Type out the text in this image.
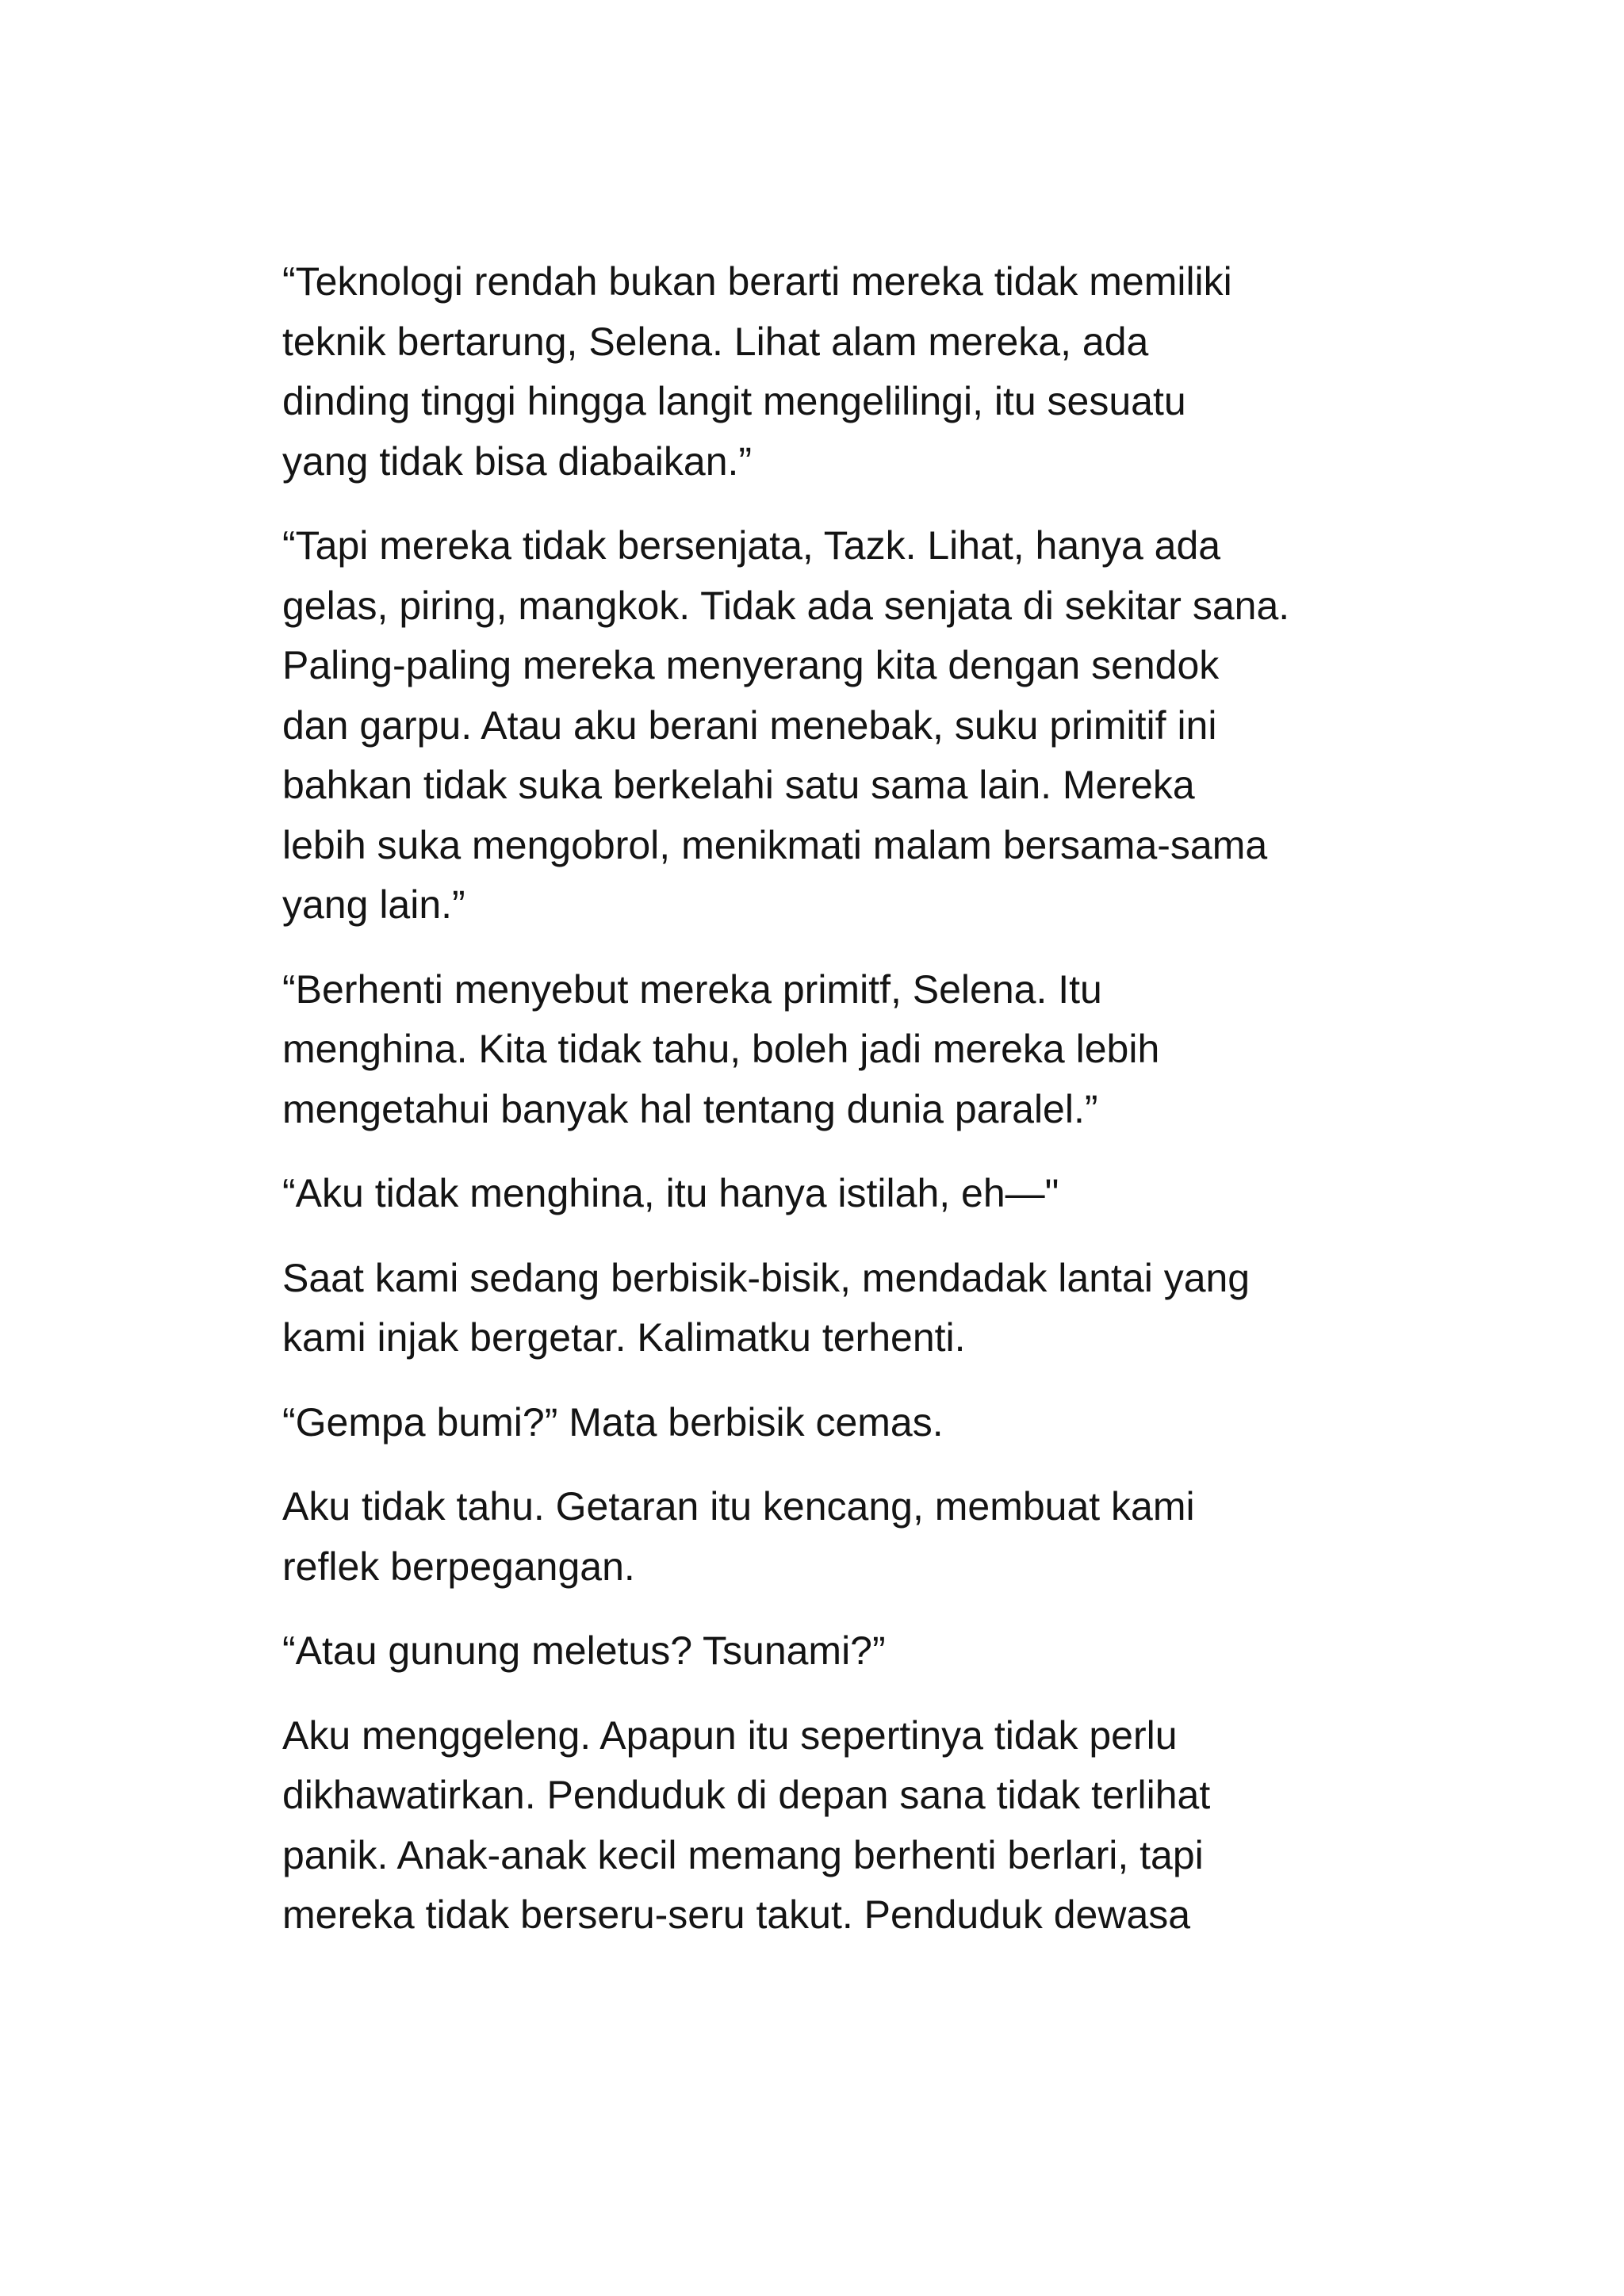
“Teknologi rendah bukan berarti mereka tidak memiliki
teknik bertarung, Selena. Lihat alam mereka, ada
dinding tinggi hingga langit mengelilingi, itu sesuatu
yang tidak bisa diabaikan.”

“Tapi mereka tidak bersenjata, Tazk. Lihat, hanya ada
gelas, piring, mangkok. Tidak ada senjata di sekitar sana.
Paling-paling mereka menyerang kita dengan sendok
dan garpu. Atau aku berani menebak, suku primitif ini
bahkan tidak suka berkelahi satu sama lain. Mereka
lebih suka mengobrol, menikmati malam bersama-sama
yang lain.”

“Berhenti menyebut mereka primitf, Selena. Itu
menghina. Kita tidak tahu, boleh jadi mereka lebih
mengetahui banyak hal tentang dunia paralel.”

“Aku tidak menghina, itu hanya istilah, eh—"

Saat kami sedang berbisik-bisik, mendadak lantai yang
kami injak bergetar. Kalimatku terhenti.

“Gempa bumi?” Mata berbisik cemas.

Aku tidak tahu. Getaran itu kencang, membuat kami
reflek berpegangan.

“Atau gunung meletus? Tsunami?”

Aku menggeleng. Apapun itu sepertinya tidak perlu
dikhawatirkan. Penduduk di depan sana tidak terlihat
panik. Anak-anak kecil memang berhenti berlari, tapi
mereka tidak berseru-seru takut. Penduduk dewasa
